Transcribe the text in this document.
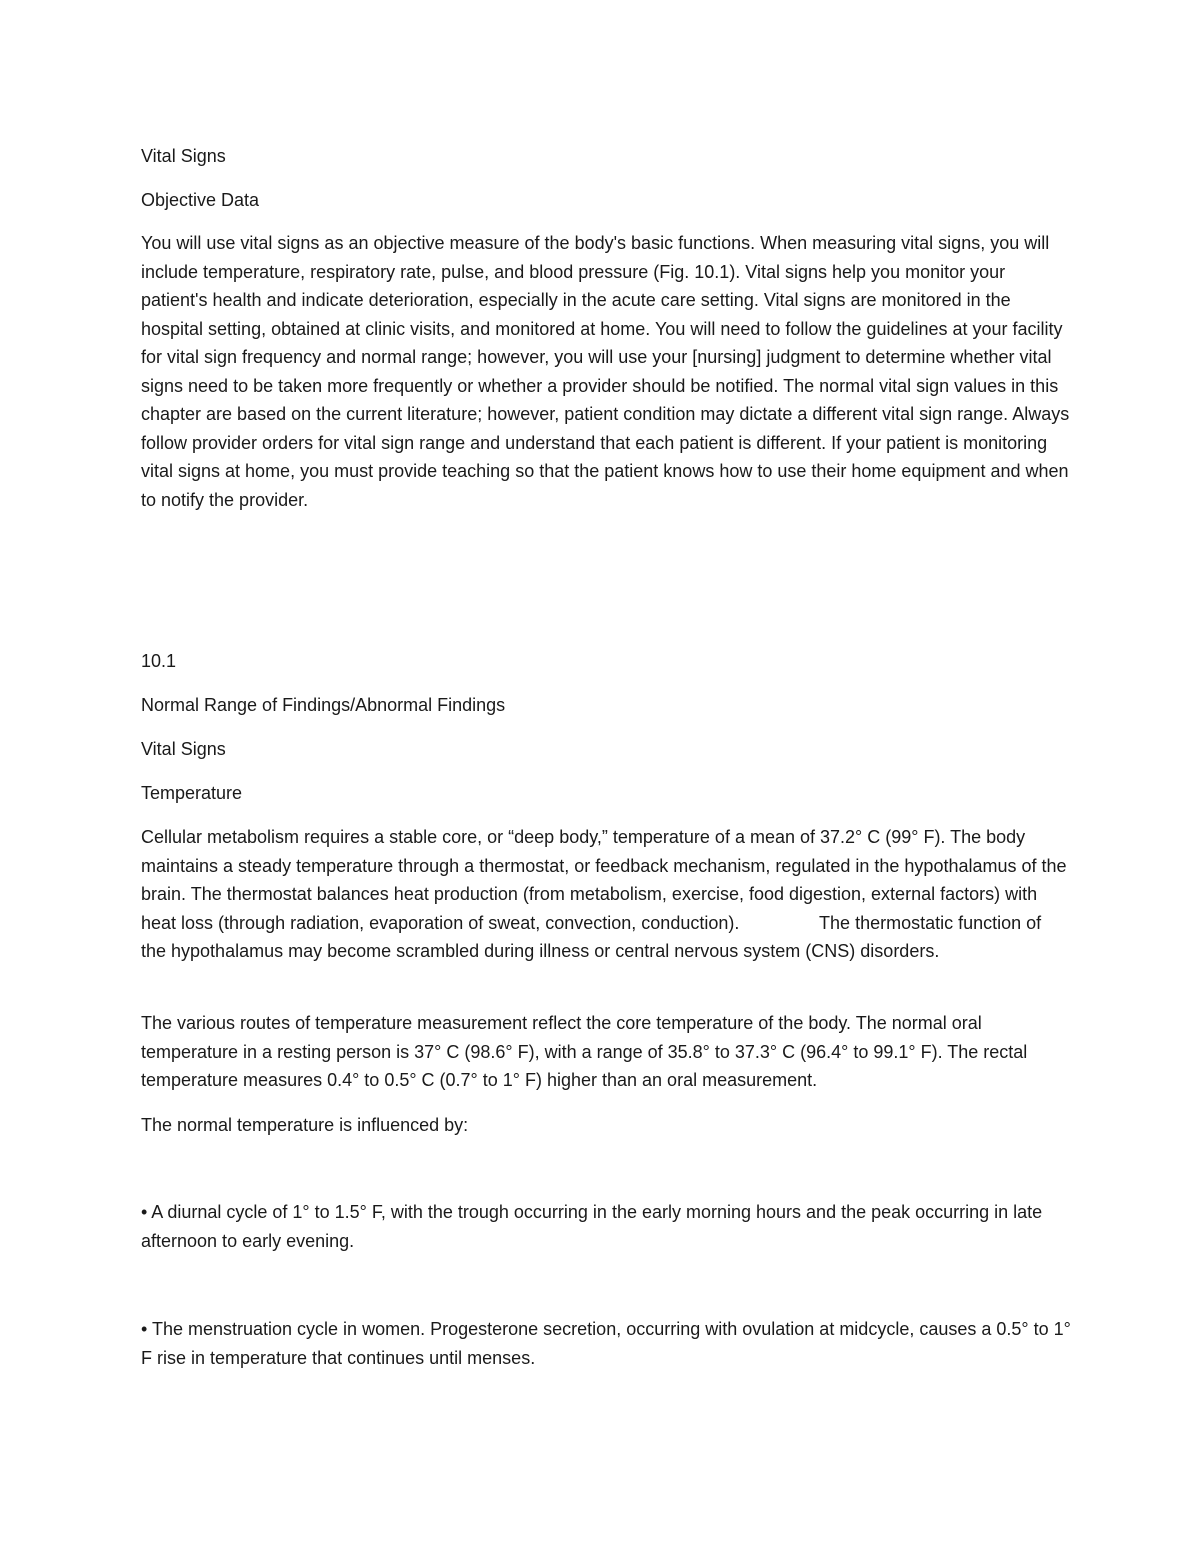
Vital Signs

Objective Data

You will use vital signs as an objective measure of the body's basic functions. When measuring vital signs, you will include temperature, respiratory rate, pulse, and blood pressure (Fig. 10.1). Vital signs help you monitor your patient's health and indicate deterioration, especially in the acute care setting. Vital signs are monitored in the hospital setting, obtained at clinic visits, and monitored at home. You will need to follow the guidelines at your facility for vital sign frequency and normal range; however, you will use your [nursing] judgment to determine whether vital signs need to be taken more frequently or whether a provider should be notified. The normal vital sign values in this chapter are based on the current literature; however, patient condition may dictate a different vital sign range. Always follow provider orders for vital sign range and understand that each patient is different. If your patient is monitoring vital signs at home, you must provide teaching so that the patient knows how to use their home equipment and when to notify the provider.

10.1

Normal Range of Findings/Abnormal Findings

Vital Signs

Temperature

Cellular metabolism requires a stable core, or “deep body,” temperature of a mean of 37.2° C (99° F). The body maintains a steady temperature through a thermostat, or feedback mechanism, regulated in the hypothalamus of the brain. The thermostat balances heat production (from metabolism, exercise, food digestion, external factors) with heat loss (through radiation, evaporation of sweat, convection, conduction).                The thermostatic function of the hypothalamus may become scrambled during illness or central nervous system (CNS) disorders.

The various routes of temperature measurement reflect the core temperature of the body. The normal oral temperature in a resting person is 37° C (98.6° F), with a range of 35.8° to 37.3° C (96.4° to 99.1° F). The rectal temperature measures 0.4° to 0.5° C (0.7° to 1° F) higher than an oral measurement.

The normal temperature is influenced by:

• A diurnal cycle of 1° to 1.5° F, with the trough occurring in the early morning hours and the peak occurring in late afternoon to early evening.

• The menstruation cycle in women. Progesterone secretion, occurring with ovulation at midcycle, causes a 0.5° to 1° F rise in temperature that continues until menses.
